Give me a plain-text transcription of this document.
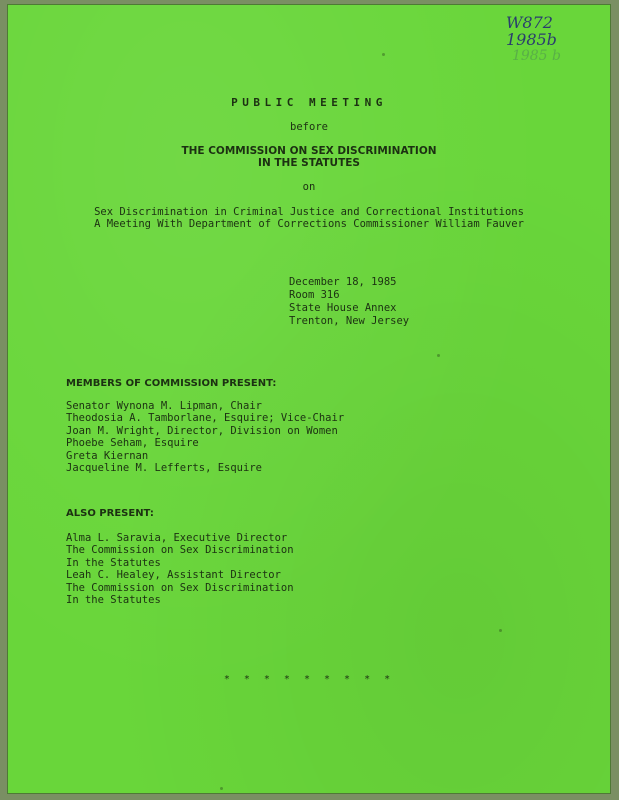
W872
1985b
1985 b
PUBLIC MEETING
before
THE COMMISSION ON SEX DISCRIMINATION
IN THE STATUTES
on
Sex Discrimination in Criminal Justice and Correctional Institutions
A Meeting With Department of Corrections Commissioner William Fauver
December 18, 1985
Room 316
State House Annex
Trenton, New Jersey
MEMBERS OF COMMISSION PRESENT:
Senator Wynona M. Lipman, Chair
Theodosia A. Tamborlane, Esquire; Vice-Chair
Joan M. Wright, Director, Division on Women
Phoebe Seham, Esquire
Greta Kiernan
Jacqueline M. Lefferts, Esquire
ALSO PRESENT:
Alma L. Saravia, Executive Director
The Commission on Sex Discrimination
In the Statutes
Leah C. Healey, Assistant Director
The Commission on Sex Discrimination
In the Statutes
* * * * * * * * *
